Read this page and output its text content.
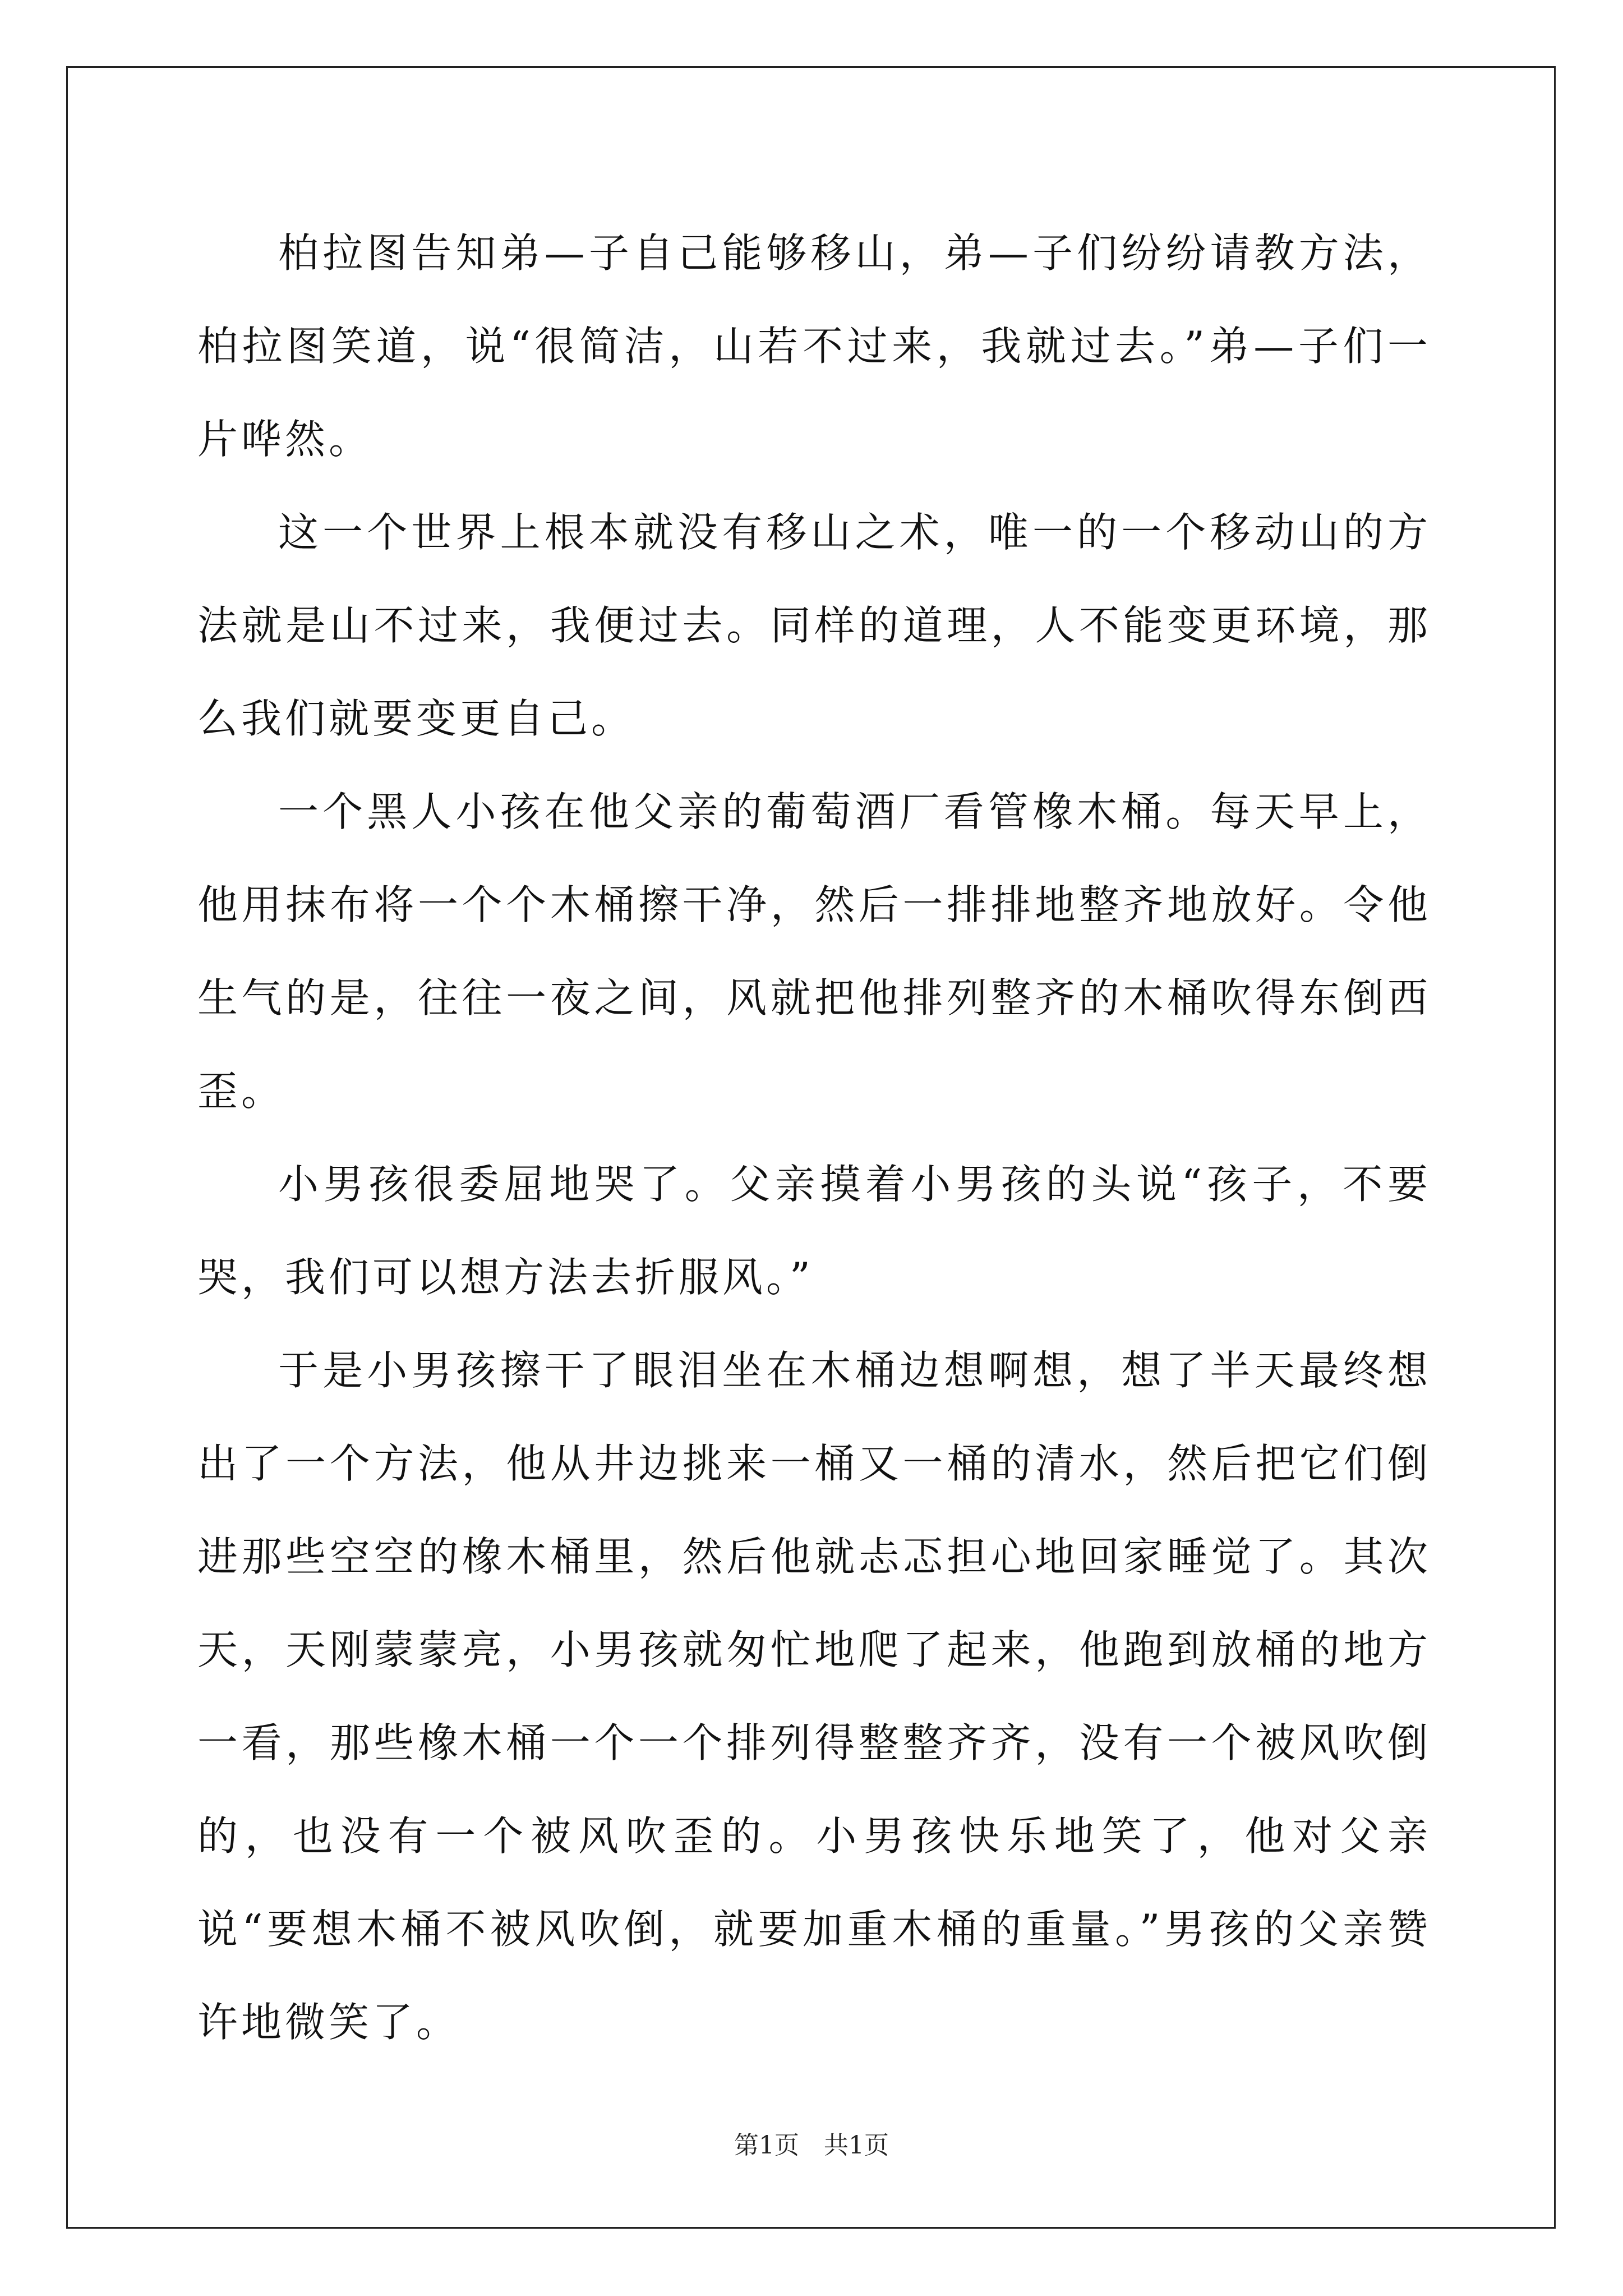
柏拉图告知弟—子自己能够移山，弟—子们纷纷请教方法，柏拉图笑道，说“很简洁，山若不过来，我就过去。”弟—子们一片哗然。

这一个世界上根本就没有移山之术，唯一的一个移动山的方法就是山不过来，我便过去。同样的道理，人不能变更环境，那么我们就要变更自己。

一个黑人小孩在他父亲的葡萄酒厂看管橡木桶。每天早上，他用抹布将一个个木桶擦干净，然后一排排地整齐地放好。令他生气的是，往往一夜之间，风就把他排列整齐的木桶吹得东倒西歪。

小男孩很委屈地哭了。父亲摸着小男孩的头说“孩子，不要哭，我们可以想方法去折服风。”

于是小男孩擦干了眼泪坐在木桶边想啊想，想了半天最终想出了一个方法，他从井边挑来一桶又一桶的清水，然后把它们倒进那些空空的橡木桶里，然后他就忐忑担心地回家睡觉了。其次天，天刚蒙蒙亮，小男孩就匆忙地爬了起来，他跑到放桶的地方一看，那些橡木桶一个一个排列得整整齐齐，没有一个被风吹倒的，也没有一个被风吹歪的。小男孩快乐地笑了，他对父亲说“要想木桶不被风吹倒，就要加重木桶的重量。”男孩的父亲赞许地微笑了。

第1页　共1页
